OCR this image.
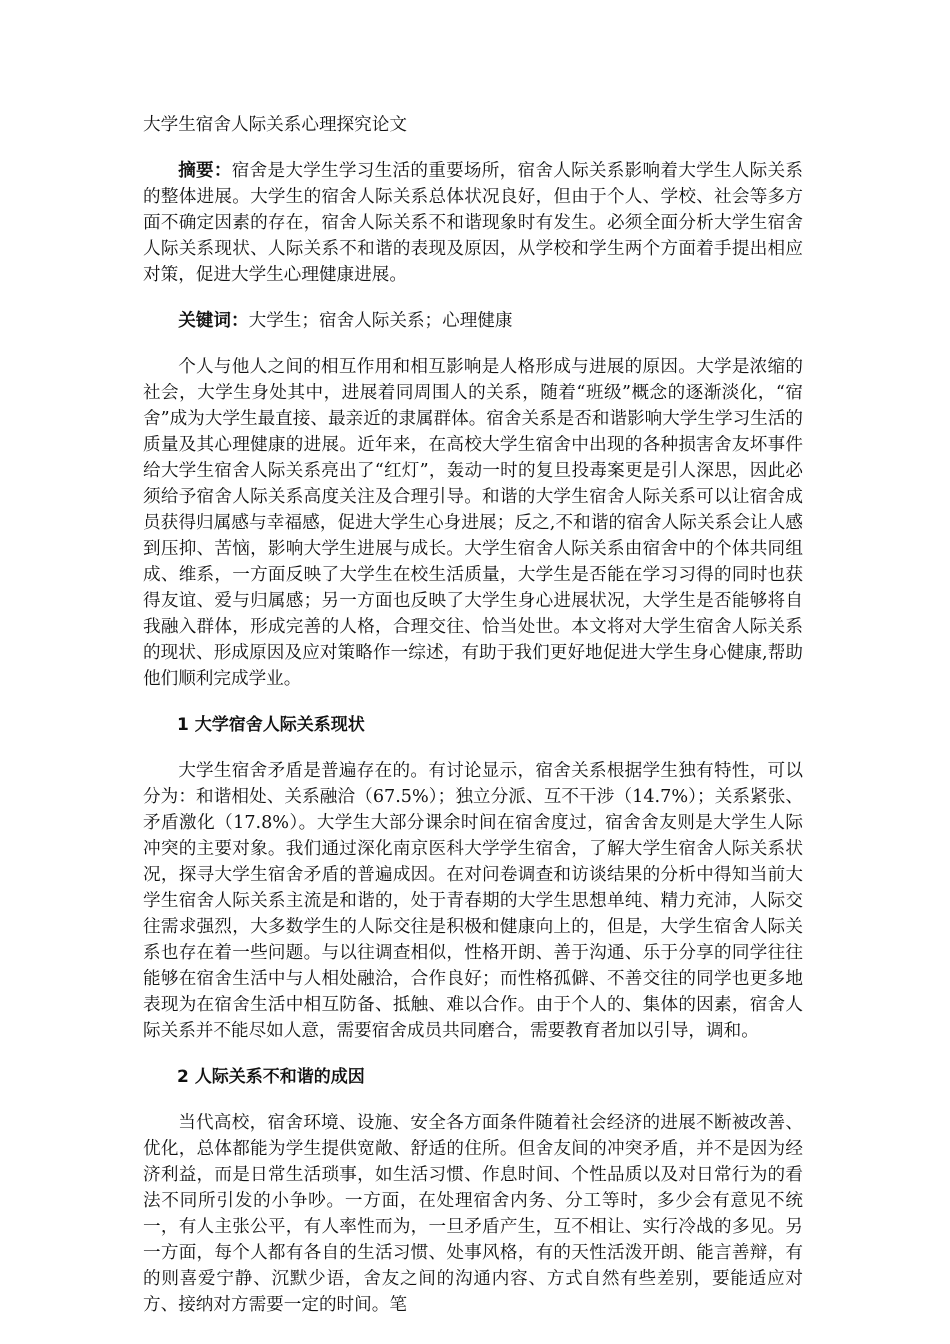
大学生宿舍人际关系心理探究论文

摘要：宿舍是大学生学习生活的重要场所，宿舍人际关系影响着大学生人际关系的整体进展。大学生的宿舍人际关系总体状况良好，但由于个人、学校、社会等多方面不确定因素的存在，宿舍人际关系不和谐现象时有发生。必须全面分析大学生宿舍人际关系现状、人际关系不和谐的表现及原因，从学校和学生两个方面着手提出相应对策，促进大学生心理健康进展。

关键词：大学生；宿舍人际关系；心理健康

个人与他人之间的相互作用和相互影响是人格形成与进展的原因。大学是浓缩的社会，大学生身处其中，进展着同周围人的关系，随着“班级”概念的逐渐淡化，“宿舍”成为大学生最直接、最亲近的隶属群体。宿舍关系是否和谐影响大学生学习生活的质量及其心理健康的进展。近年来，在高校大学生宿舍中出现的各种损害舍友坏事件给大学生宿舍人际关系亮出了“红灯”，轰动一时的复旦投毒案更是引人深思，因此必须给予宿舍人际关系高度关注及合理引导。和谐的大学生宿舍人际关系可以让宿舍成员获得归属感与幸福感，促进大学生心身进展；反之,不和谐的宿舍人际关系会让人感到压抑、苦恼，影响大学生进展与成长。大学生宿舍人际关系由宿舍中的个体共同组成、维系，一方面反映了大学生在校生活质量，大学生是否能在学习习得的同时也获得友谊、爱与归属感；另一方面也反映了大学生身心进展状况，大学生是否能够将自我融入群体，形成完善的人格，合理交往、恰当处世。本文将对大学生宿舍人际关系的现状、形成原因及应对策略作一综述，有助于我们更好地促进大学生身心健康,帮助他们顺利完成学业。

1 大学宿舍人际关系现状

大学生宿舍矛盾是普遍存在的。有讨论显示，宿舍关系根据学生独有特性，可以分为：和谐相处、关系融洽（67.5%）；独立分派、互不干涉（14.7%）；关系紧张、矛盾激化（17.8%）。大学生大部分课余时间在宿舍度过，宿舍舍友则是大学生人际冲突的主要对象。我们通过深化南京医科大学学生宿舍，了解大学生宿舍人际关系状况，探寻大学生宿舍矛盾的普遍成因。在对问卷调查和访谈结果的分析中得知当前大学生宿舍人际关系主流是和谐的，处于青春期的大学生思想单纯、精力充沛，人际交往需求强烈，大多数学生的人际交往是积极和健康向上的，但是，大学生宿舍人际关系也存在着一些问题。与以往调查相似，性格开朗、善于沟通、乐于分享的同学往往能够在宿舍生活中与人相处融洽，合作良好；而性格孤僻、不善交往的同学也更多地表现为在宿舍生活中相互防备、抵触、难以合作。由于个人的、集体的因素，宿舍人际关系并不能尽如人意，需要宿舍成员共同磨合，需要教育者加以引导，调和。

2 人际关系不和谐的成因

当代高校，宿舍环境、设施、安全各方面条件随着社会经济的进展不断被改善、优化，总体都能为学生提供宽敞、舒适的住所。但舍友间的冲突矛盾，并不是因为经济利益，而是日常生活琐事，如生活习惯、作息时间、个性品质以及对日常行为的看法不同所引发的小争吵。一方面，在处理宿舍内务、分工等时，多少会有意见不统一，有人主张公平，有人率性而为，一旦矛盾产生，互不相让、实行冷战的多见。另一方面，每个人都有各自的生活习惯、处事风格，有的天性活泼开朗、能言善辩，有的则喜爱宁静、沉默少语，舍友之间的沟通内容、方式自然有些差别，要能适应对方、接纳对方需要一定的时间。笔
